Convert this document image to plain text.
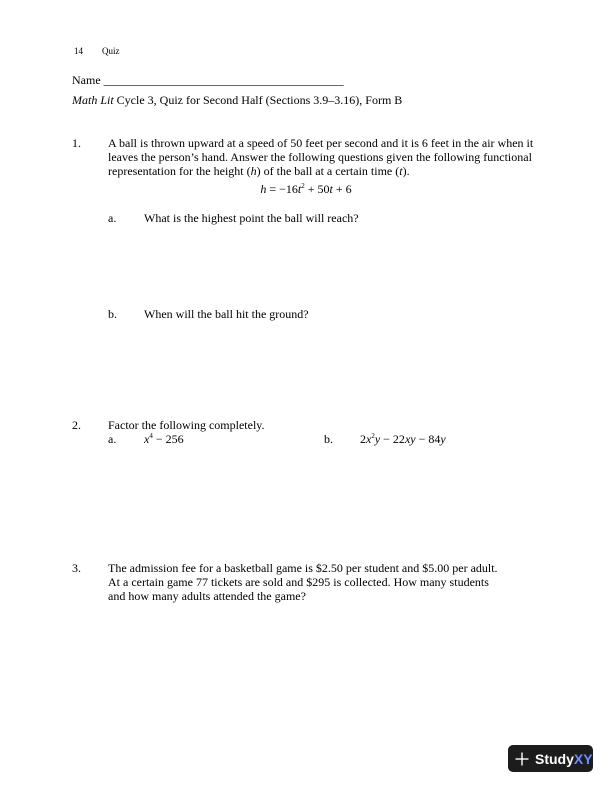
14 Quiz
Name ________________________________________
Math Lit Cycle 3, Quiz for Second Half (Sections 3.9–3.16), Form B
1. A ball is thrown upward at a speed of 50 feet per second and it is 6 feet in the air when it
leaves the person’s hand. Answer the following questions given the following functional
representation for the height (h) of the ball at a certain time (t).
$h = -16t^2 + 50t + 6$
a. What is the highest point the ball will reach?
b. When will the ball hit the ground?
2. Factor the following completely.
a. $x^4 - 256$	b. $2x^2y - 22xy - 84y$
3. The admission fee for a basketball game is $2.50 per student and $5.00 per adult.
At a certain game 77 tickets are sold and $295 is collected. How many students
and how many adults attended the game?
StudyXY
